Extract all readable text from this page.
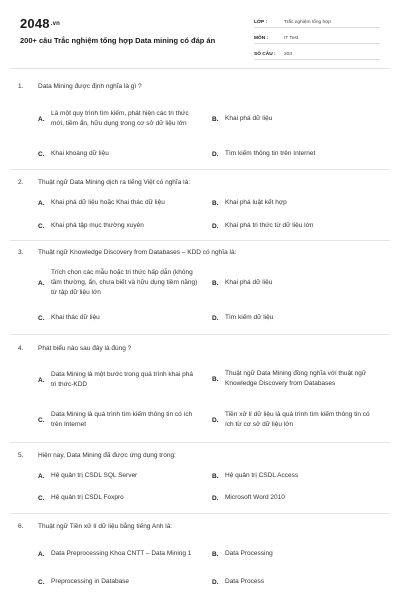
$2048^{.vn}$
200+ câu Trắc nghiệm tổng hợp Data mining có đáp án
LỚP :	Trắc nghiệm tổng hợp
MÔN :	IT Test
SỐ CÂU :	203
1. Data Mining được định nghĩa là gì ?
A.
Là một quy trình tìm kiếm, phát hiện các tri thức mới, tiềm ẩn, hữu dụng trong cơ sở dữ liệu lớn
B.	Khai phá dữ liệu
C.	Khai khoáng dữ liệu	D.	Tìm kiếm thông tin trên Internet
2. Thuật ngữ Data Mining dịch ra tiếng Việt có nghĩa là:
A.	Khai phá dữ liệu hoặc Khai thác dữ liệu	B.	Khai phá luật kết hợp
C.	Khai phá tập mục thường xuyên	D.	Khai phá tri thức từ dữ liệu lớn
3. Thuật ngữ Knowledge Discovery from Databases – KDD có nghĩa là:
A.
Trích chọn các mẫu hoặc tri thức hấp dẫn (không tầm thường, ẩn, chưa biết và hữu dụng tiềm năng) từ tập dữ liệu lớn
B.	Khai phá dữ liệu
C.	Khai thác dữ liệu	D.	Tìm kiếm dữ liệu
4. Phát biểu nào sau đây là đúng ?
A.
Data Mining là một bước trong quá trình khai phá tri thức-KDD
B.
Thuật ngữ Data Mining đồng nghĩa với thuật ngữ Knowledge Discovery from Databases
C.
Data Mining là quá trình tìm kiếm thông tin có ích trên Internet
D.
Tiền xử lí dữ liệu là quá trình tìm kiếm thông tin có ích từ cơ sở dữ liệu lớn
5. Hiện nay, Data Mining đã được ứng dụng trong:
A.	Hệ quản trị CSDL SQL Server	B.	Hệ quản trị CSDL Access
C.	Hệ quản trị CSDL Foxpro	D.	Microsoft Word 2010
6. Thuật ngữ Tiền xử lí dữ liệu bằng tiếng Anh là:
A.	Data Preprocessing Khoa CNTT – Data Mining 1	B.	Data Processing
C.	Preprocessing in Database	D.	Data Process
